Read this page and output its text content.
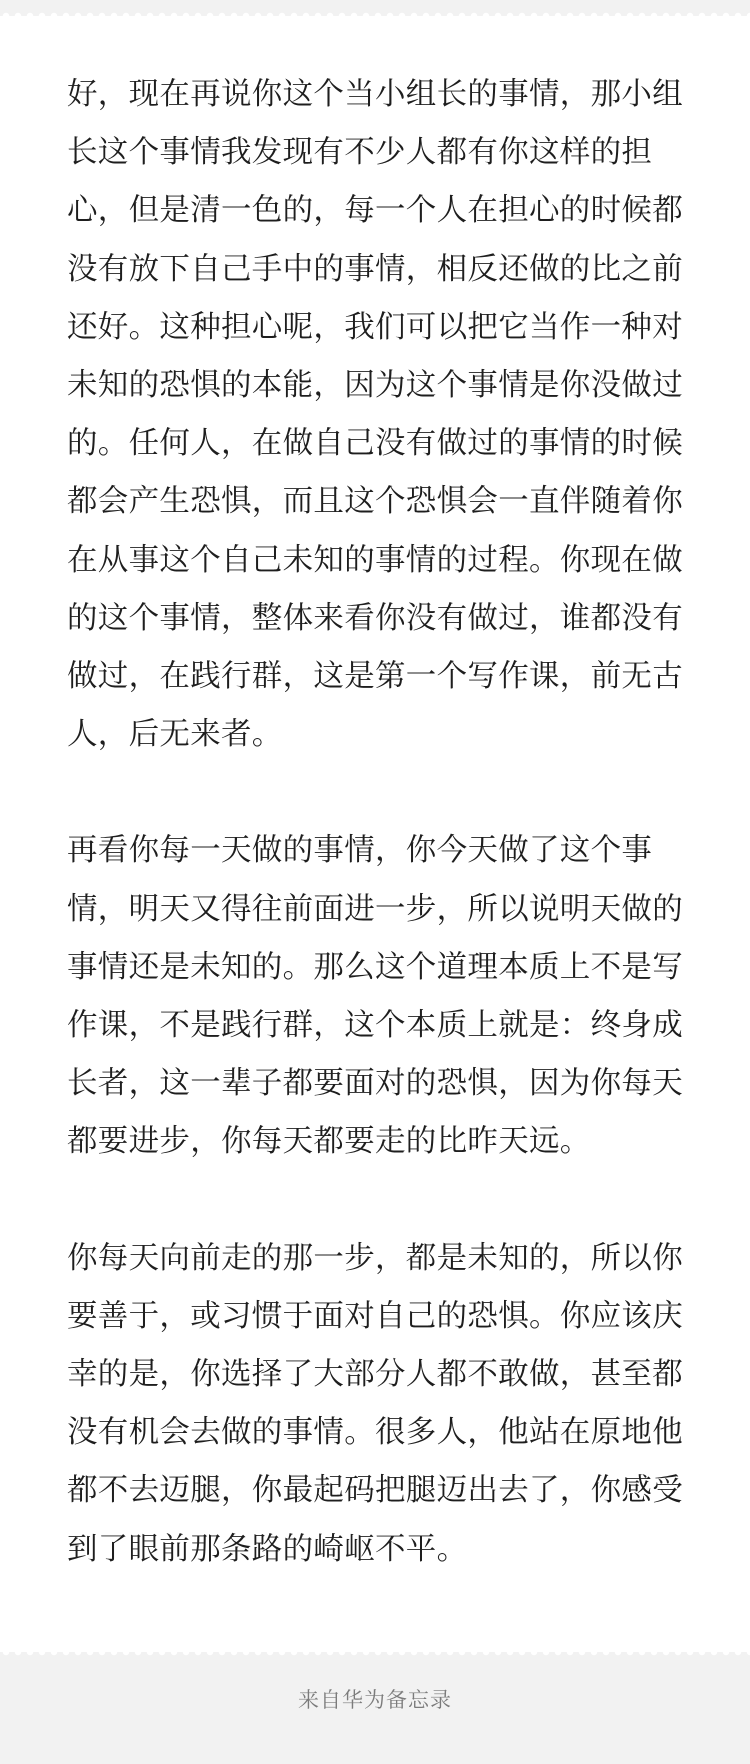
好，现在再说你这个当小组长的事情，那小组长这个事情我发现有不少人都有你这样的担心，但是清一色的，每一个人在担心的时候都没有放下自己手中的事情，相反还做的比之前还好。这种担心呢，我们可以把它当作一种对未知的恐惧的本能，因为这个事情是你没做过的。任何人，在做自己没有做过的事情的时候都会产生恐惧，而且这个恐惧会一直伴随着你在从事这个自己未知的事情的过程。你现在做的这个事情，整体来看你没有做过，谁都没有做过，在践行群，这是第一个写作课，前无古人，后无来者。

再看你每一天做的事情，你今天做了这个事情，明天又得往前面进一步，所以说明天做的事情还是未知的。那么这个道理本质上不是写作课，不是践行群，这个本质上就是：终身成长者，这一辈子都要面对的恐惧，因为你每天都要进步，你每天都要走的比昨天远。

你每天向前走的那一步，都是未知的，所以你要善于，或习惯于面对自己的恐惧。你应该庆幸的是，你选择了大部分人都不敢做，甚至都没有机会去做的事情。很多人，他站在原地他都不去迈腿，你最起码把腿迈出去了，你感受到了眼前那条路的崎岖不平。

来自华为备忘录
